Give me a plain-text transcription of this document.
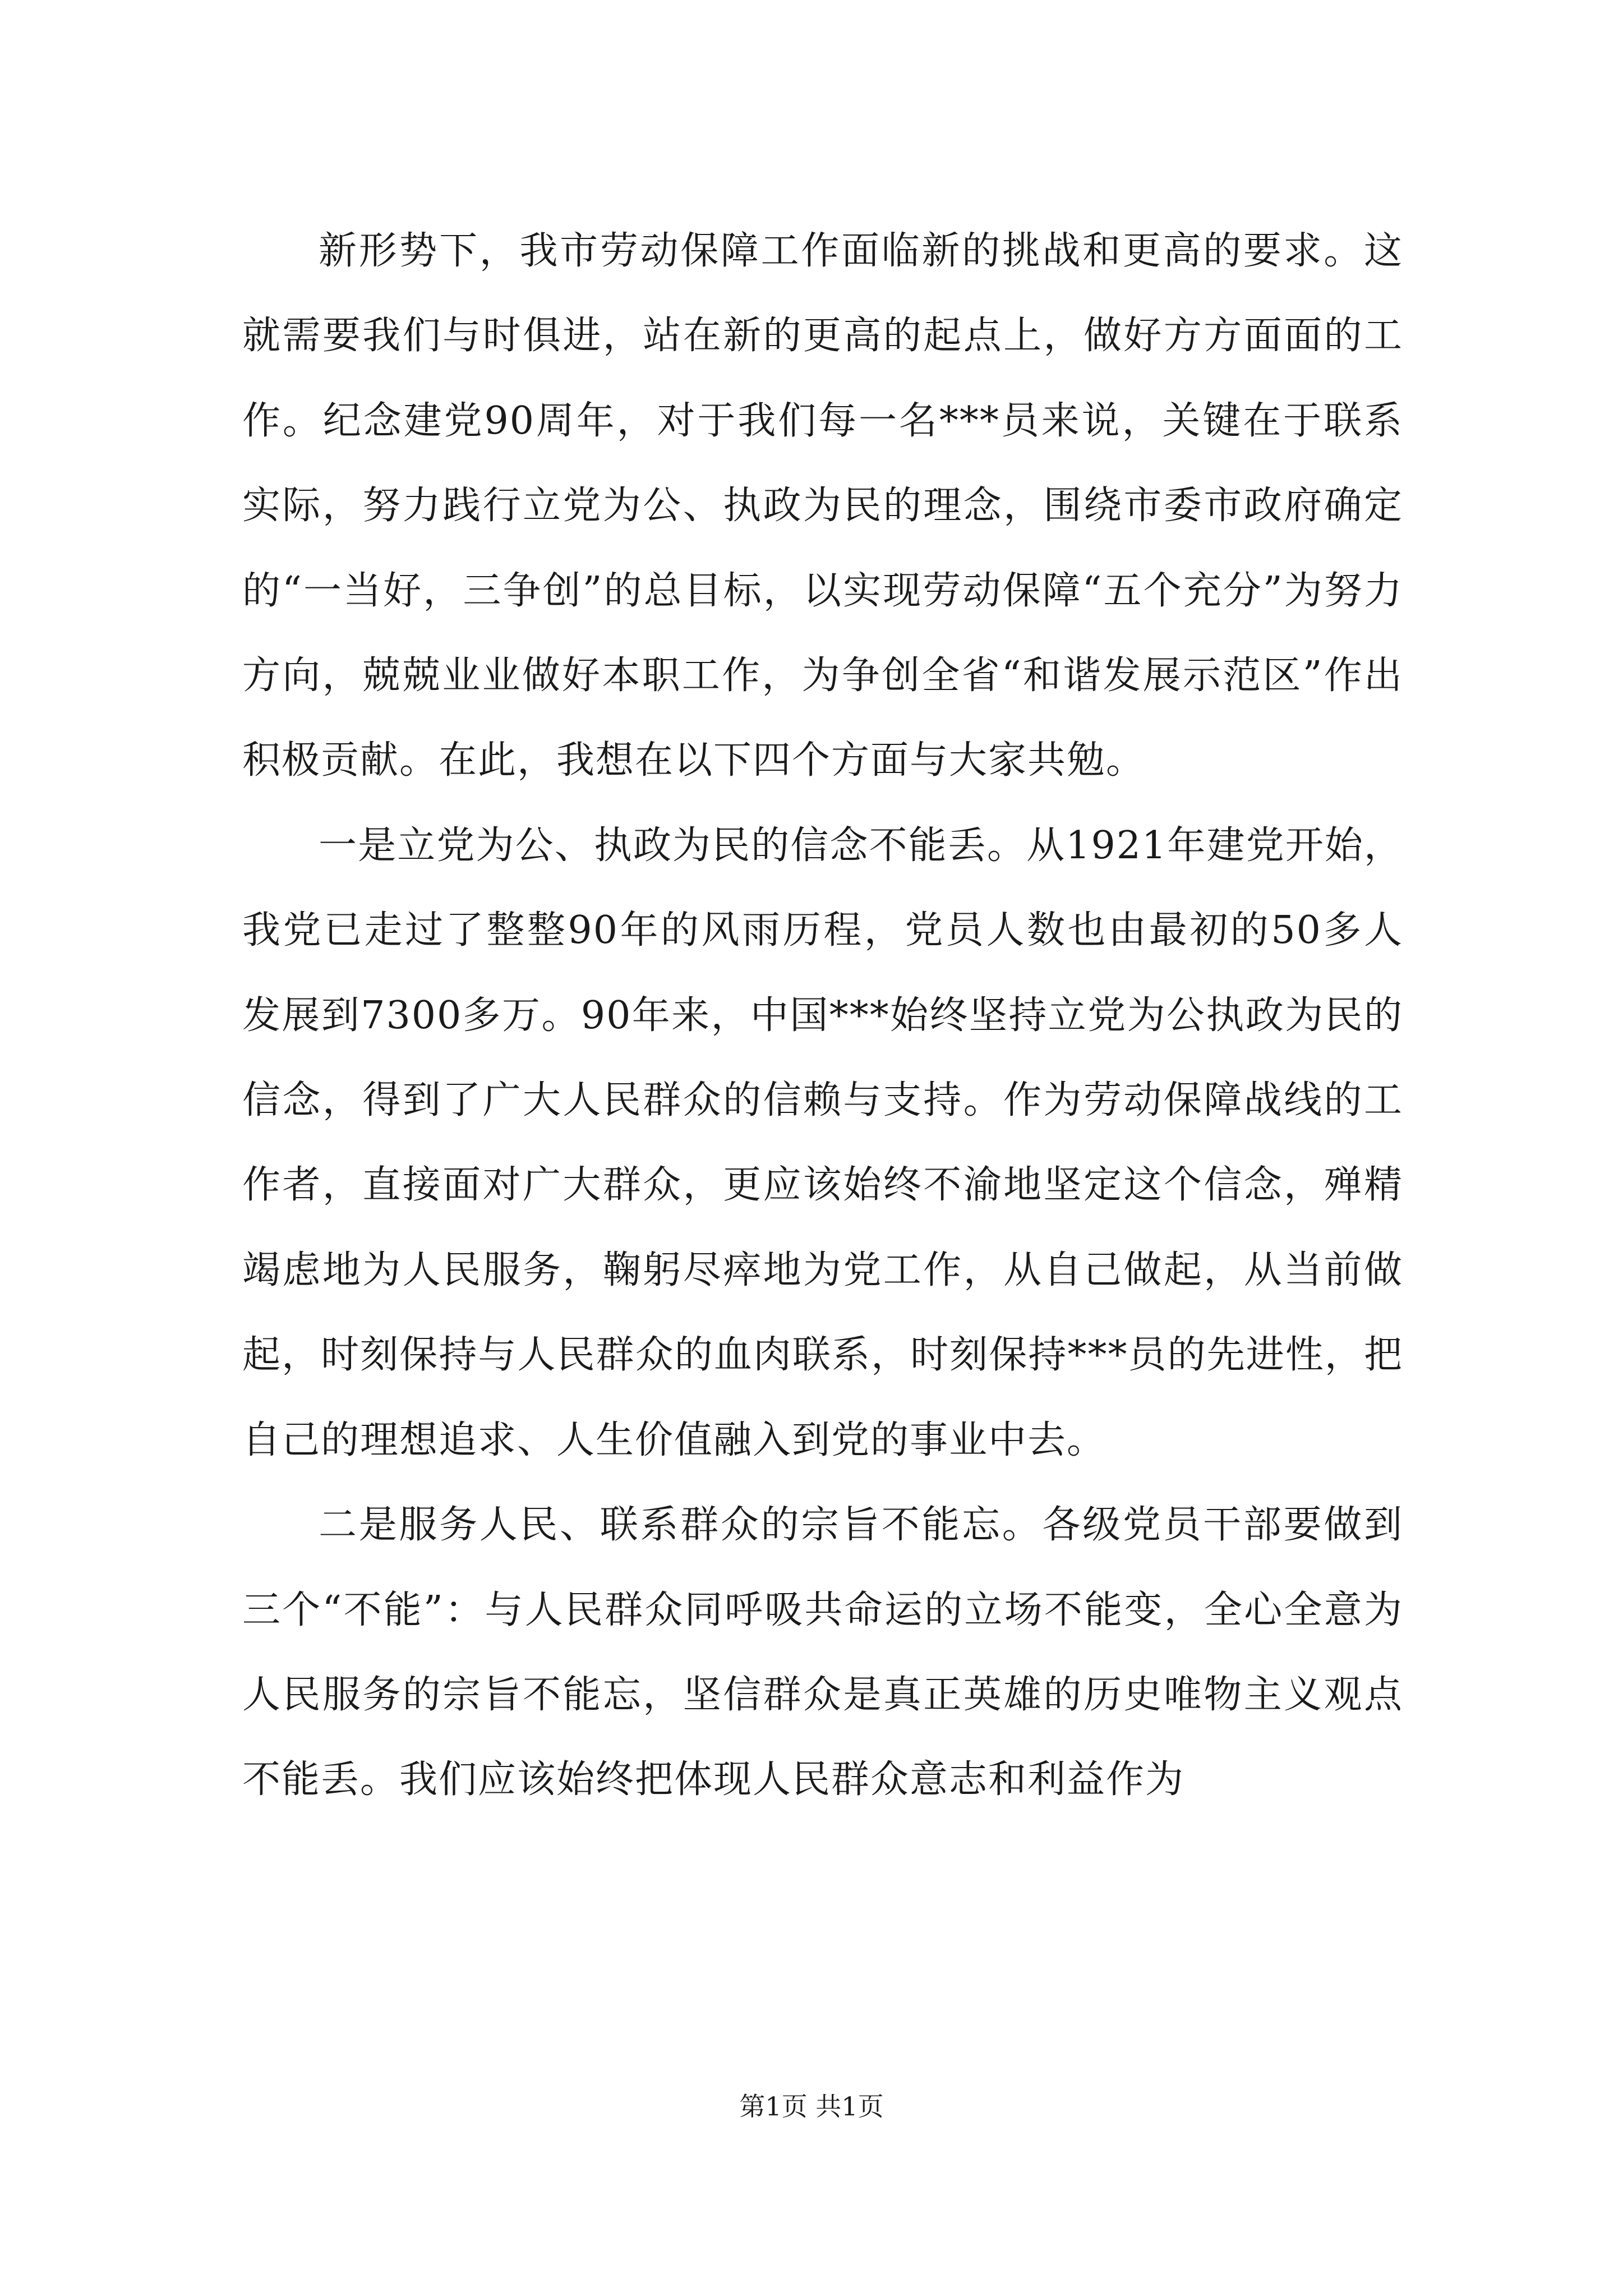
新形势下，我市劳动保障工作面临新的挑战和更高的要求。这就需要我们与时俱进，站在新的更高的起点上，做好方方面面的工作。纪念建党90周年，对于我们每一名***员来说，关键在于联系实际，努力践行立党为公、执政为民的理念，围绕市委市政府确定的“一当好，三争创”的总目标，以实现劳动保障“五个充分”为努力方向，兢兢业业做好本职工作，为争创全省“和谐发展示范区”作出积极贡献。在此，我想在以下四个方面与大家共勉。

一是立党为公、执政为民的信念不能丢。从1921年建党开始，我党已走过了整整90年的风雨历程，党员人数也由最初的50多人发展到7300多万。90年来，中国***始终坚持立党为公执政为民的信念，得到了广大人民群众的信赖与支持。作为劳动保障战线的工作者，直接面对广大群众，更应该始终不渝地坚定这个信念，殚精竭虑地为人民服务，鞠躬尽瘁地为党工作，从自己做起，从当前做起，时刻保持与人民群众的血肉联系，时刻保持***员的先进性，把自己的理想追求、人生价值融入到党的事业中去。

二是服务人民、联系群众的宗旨不能忘。各级党员干部要做到三个“不能”：与人民群众同呼吸共命运的立场不能变，全心全意为人民服务的宗旨不能忘，坚信群众是真正英雄的历史唯物主义观点不能丢。我们应该始终把体现人民群众意志和利益作为

第1页 共1页
